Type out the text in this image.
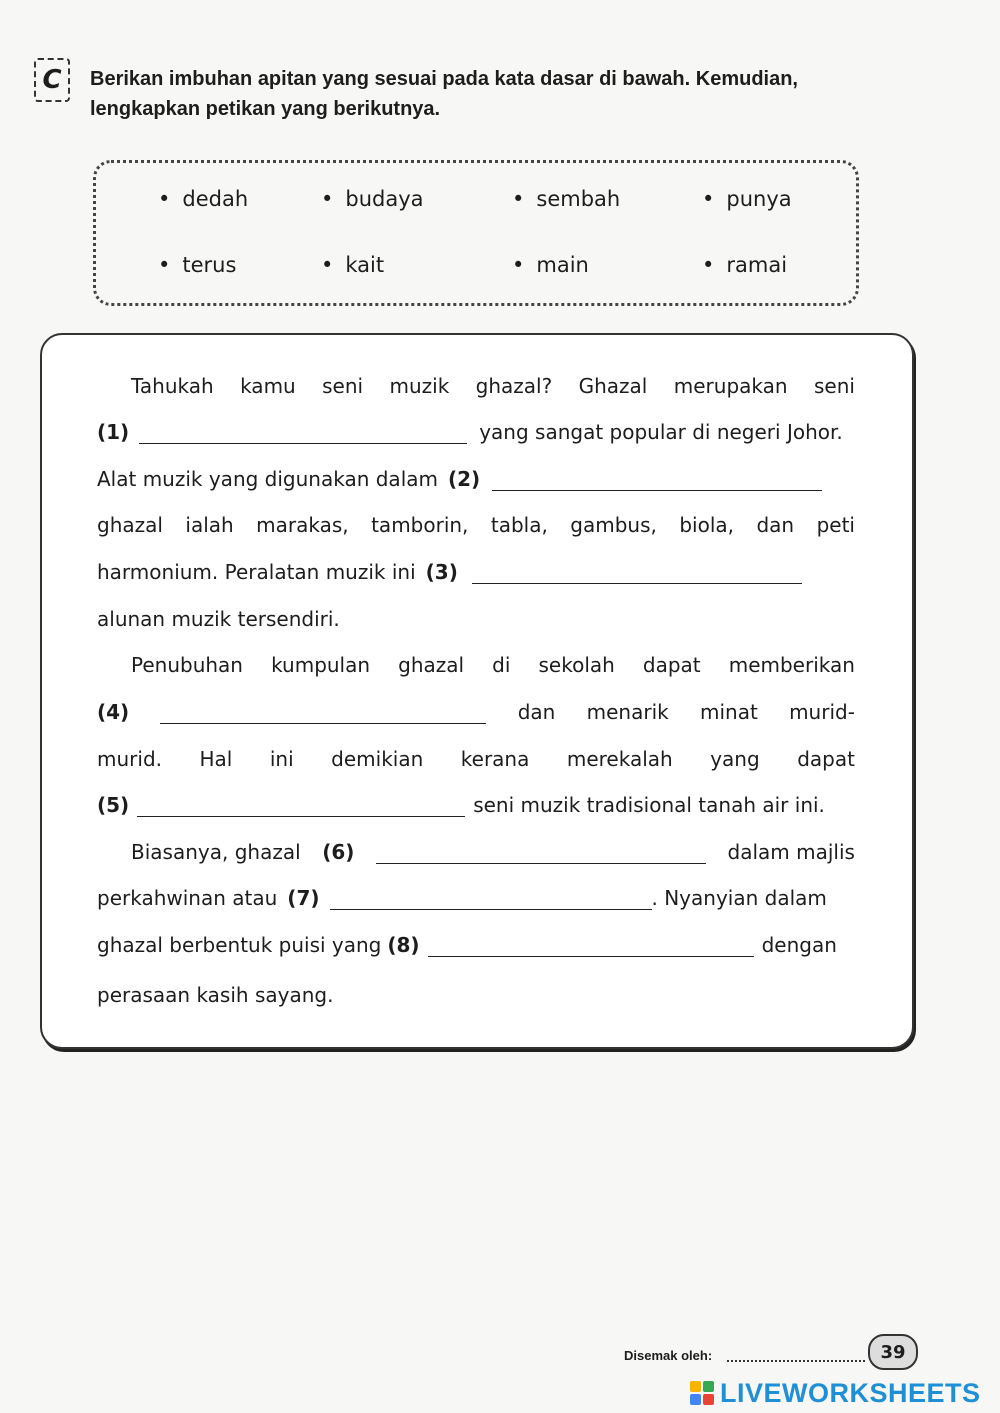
C	Berikan imbuhan apitan yang sesuai pada kata dasar di bawah. Kemudian,
lengkapkan petikan yang berikutnya.
• dedah	• budaya	• sembah	• punya
• terus	• kait	• main	• ramai
Tahukah kamu seni muzik ghazal? Ghazal merupakan seni
(1)	yang sangat popular di negeri Johor.
Alat muzik yang digunakan dalam (2)
ghazal ialah marakas, tamborin, tabla, gambus, biola, dan peti
harmonium. Peralatan muzik ini (3)
alunan muzik tersendiri.
Penubuhan kumpulan ghazal di sekolah dapat memberikan
(4)	dan menarik minat murid-
murid. Hal ini demikian kerana merekalah yang dapat
(5)	seni muzik tradisional tanah air ini.
Biasanya, ghazal (6)	dalam majlis
perkahwinan atau (7)	. Nyanyian dalam
ghazal berbentuk puisi yang (8)	dengan
perasaan kasih sayang.
Disemak oleh:	39
LIVEWORKSHEETS
